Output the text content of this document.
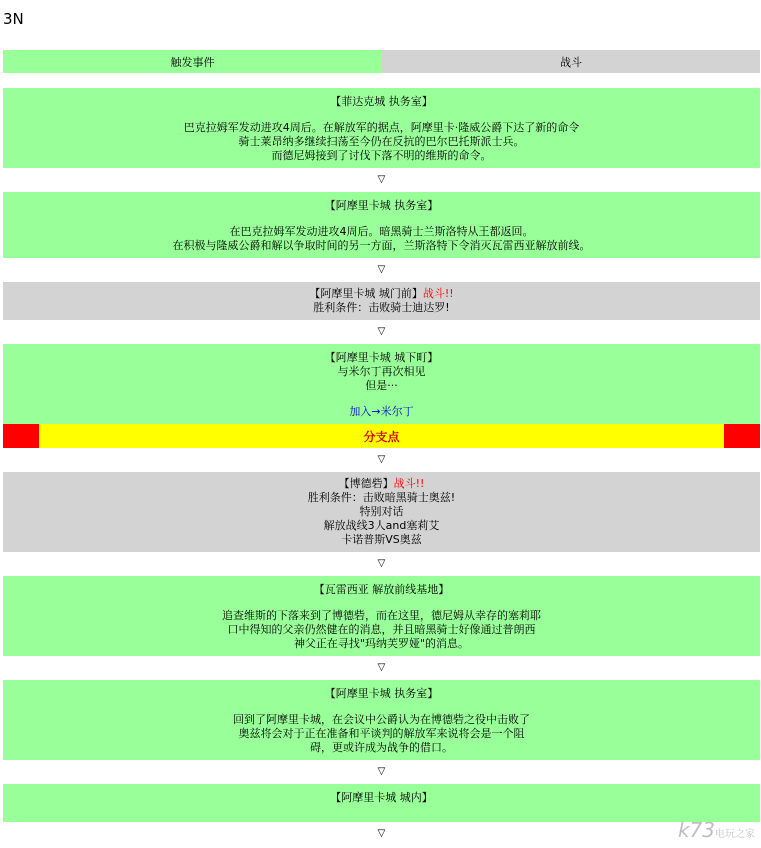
3N
触发事件	战斗
【菲达克城 执务室】
巴克拉姆军发动进攻4周后。在解放军的据点，阿摩里卡·隆威公爵下达了新的命令
骑士莱昂纳多继续扫荡至今仍在反抗的巴尔巴托斯派士兵。
而德尼姆接到了讨伐下落不明的维斯的命令。
▽
【阿摩里卡城 执务室】
在巴克拉姆军发动进攻4周后。暗黑骑士兰斯洛特从王都返回。
在积极与隆威公爵和解以争取时间的另一方面，兰斯洛特下令消灭瓦雷西亚解放前线。
▽
【阿摩里卡城 城门前】战斗!!
胜利条件：击败骑士迪达罗!
▽
【阿摩里卡城 城下町】
与米尔丁再次相见
但是···
加入→米尔丁
分支点
▽
【博德砦】战斗!!
胜利条件：击败暗黑骑士奥兹!
特别对话
解放战线3人and塞莉艾
卡诺普斯VS奥兹
▽
【瓦雷西亚 解放前线基地】
追查维斯的下落来到了博德砦，而在这里，德尼姆从幸存的塞莉耶
口中得知的父亲仍然健在的消息，并且暗黑骑士好像通过普朗西
神父正在寻找"玛纳芙罗娅"的消息。
▽
【阿摩里卡城 执务室】
回到了阿摩里卡城，在会议中公爵认为在博德砦之役中击败了
奥兹将会对于正在准备和平谈判的解放军来说将会是一个阻
碍，更或许成为战争的借口。
▽
【阿摩里卡城 城内】
▽	k73电玩之家
